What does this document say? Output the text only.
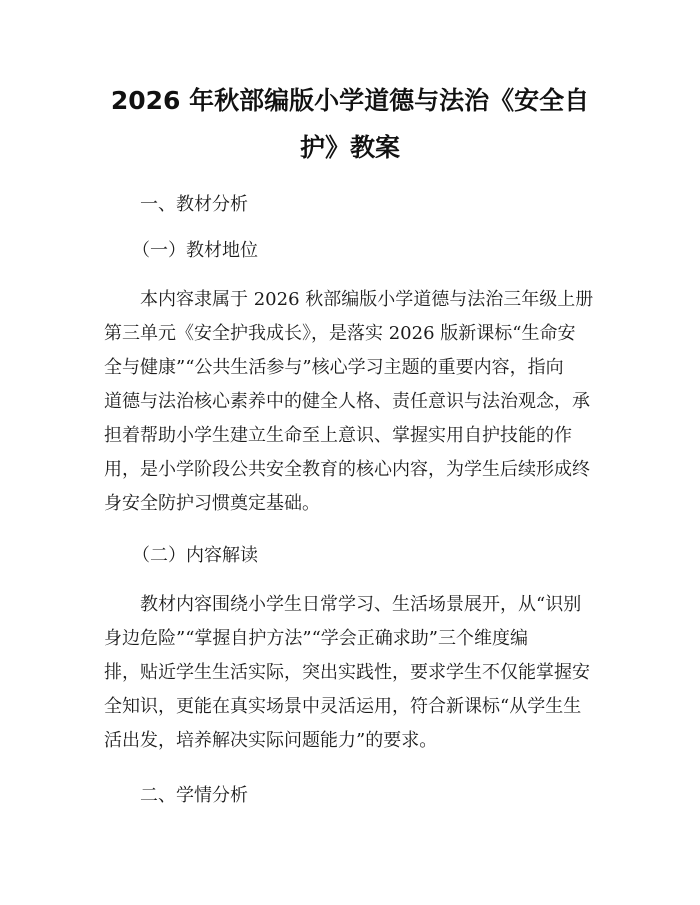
2026 年秋部编版小学道德与法治《安全自
护》教案
一、教材分析
（一）教材地位
本内容隶属于 2026 秋部编版小学道德与法治三年级上册
第三单元《安全护我成长》，是落实 2026 版新课标“生命安
全与健康”“公共生活参与”核心学习主题的重要内容，指向
道德与法治核心素养中的健全人格、责任意识与法治观念，承
担着帮助小学生建立生命至上意识、掌握实用自护技能的作
用，是小学阶段公共安全教育的核心内容，为学生后续形成终
身安全防护习惯奠定基础。
（二）内容解读
教材内容围绕小学生日常学习、生活场景展开，从“识别
身边危险”“掌握自护方法”“学会正确求助”三个维度编
排，贴近学生生活实际，突出实践性，要求学生不仅能掌握安
全知识，更能在真实场景中灵活运用，符合新课标“从学生生
活出发，培养解决实际问题能力”的要求。
二、学情分析
